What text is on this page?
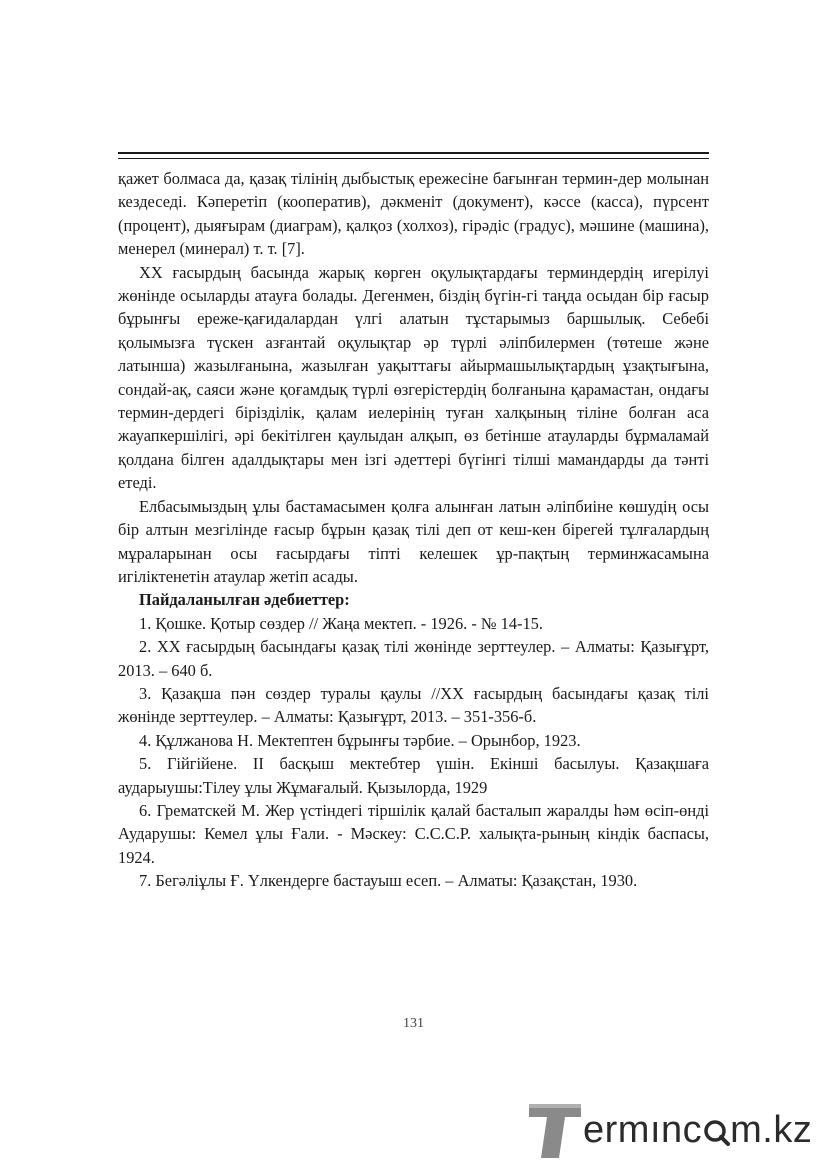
қажет болмаса да, қазақ тілінің дыбыстық ережесіне бағынған термин-дер молынан кездеседі. Кәперетіп (кооператив), дәкменіт (документ), кәссе (касса), пүрсент (процент), дыяғырам (диаграм), қалқоз (холхоз), гірәдіс (градус), мәшине (машина), менерел (минерал) т. т. [7].

ХХ ғасырдың басында жарық көрген оқулықтардағы терминдердің игерілуі жөнінде осыларды атауға болады. Дегенмен, біздің бүгін-гі таңда осыдан бір ғасыр бұрынғы ереже-қағидалардан үлгі алатын тұстарымыз баршылық. Себебі қолымызға түскен азғантай оқулықтар әр түрлі әліпбилермен (төтеше және латынша) жазылғанына, жазылған уақыттағы айырмашылықтардың ұзақтығына, сондай-ақ, саяси және қоғамдық түрлі өзгерістердің болғанына қарамастан, ондағы термин-дердегі біріздiлік, қалам иелерінің туған халқының тіліне болған аса жауапкершілігі, әрі бекітілген қаулыдан алқып, өз бетінше атауларды бұрмаламай қолдана білген адалдықтары мен ізгі әдеттері бүгінгі тілші мамандарды да тәнті етеді.

Елбасымыздың ұлы бастамасымен қолға алынған латын әліпбиіне көшудің осы бір алтын мезгілінде ғасыр бұрын қазақ тілі деп от кеш-кен бірегей тұлғалардың мұраларынан осы ғасырдағы тіпті келешек ұр-пақтың терминжасамына игіліктенетін атаулар жетіп асады.

Пайдаланылған әдебиеттер:

1. Қошке. Қотыр сөздер // Жаңа мектеп. - 1926. - № 14-15.

2. ХХ ғасырдың басындағы қазақ тілі жөнінде зерттеулер. – Алматы: Қазығұрт, 2013. – 640 б.

3. Қазақша пән сөздер туралы қаулы //ХХ ғасырдың басындағы қазақ тілі жөнінде зерттеулер. – Алматы: Қазығұрт, 2013. – 351-356-б.

4. Құлжанова Н. Мектептен бұрынғы тәрбие. – Орынбор, 1923.

5. Гійгійене. ІІ басқыш мектебтер үшін. Екінші басылуы. Қазақшаға аударыушы:Тілеу ұлы Жұмағалый. Қызылорда, 1929

6. Грематскей М. Жер үстіндегі тіршілік қалай басталып жаралды һәм өсіп-өнді Аударушы: Кемел ұлы Ғали. - Мәскеу: С.С.С.Р. халықта-рының кіндік баспасы, 1924.

7. Бегәліұлы Ғ. Үлкендерге бастауыш есеп. – Алматы: Қазақстан, 1930.

131
ermınc m.kz
